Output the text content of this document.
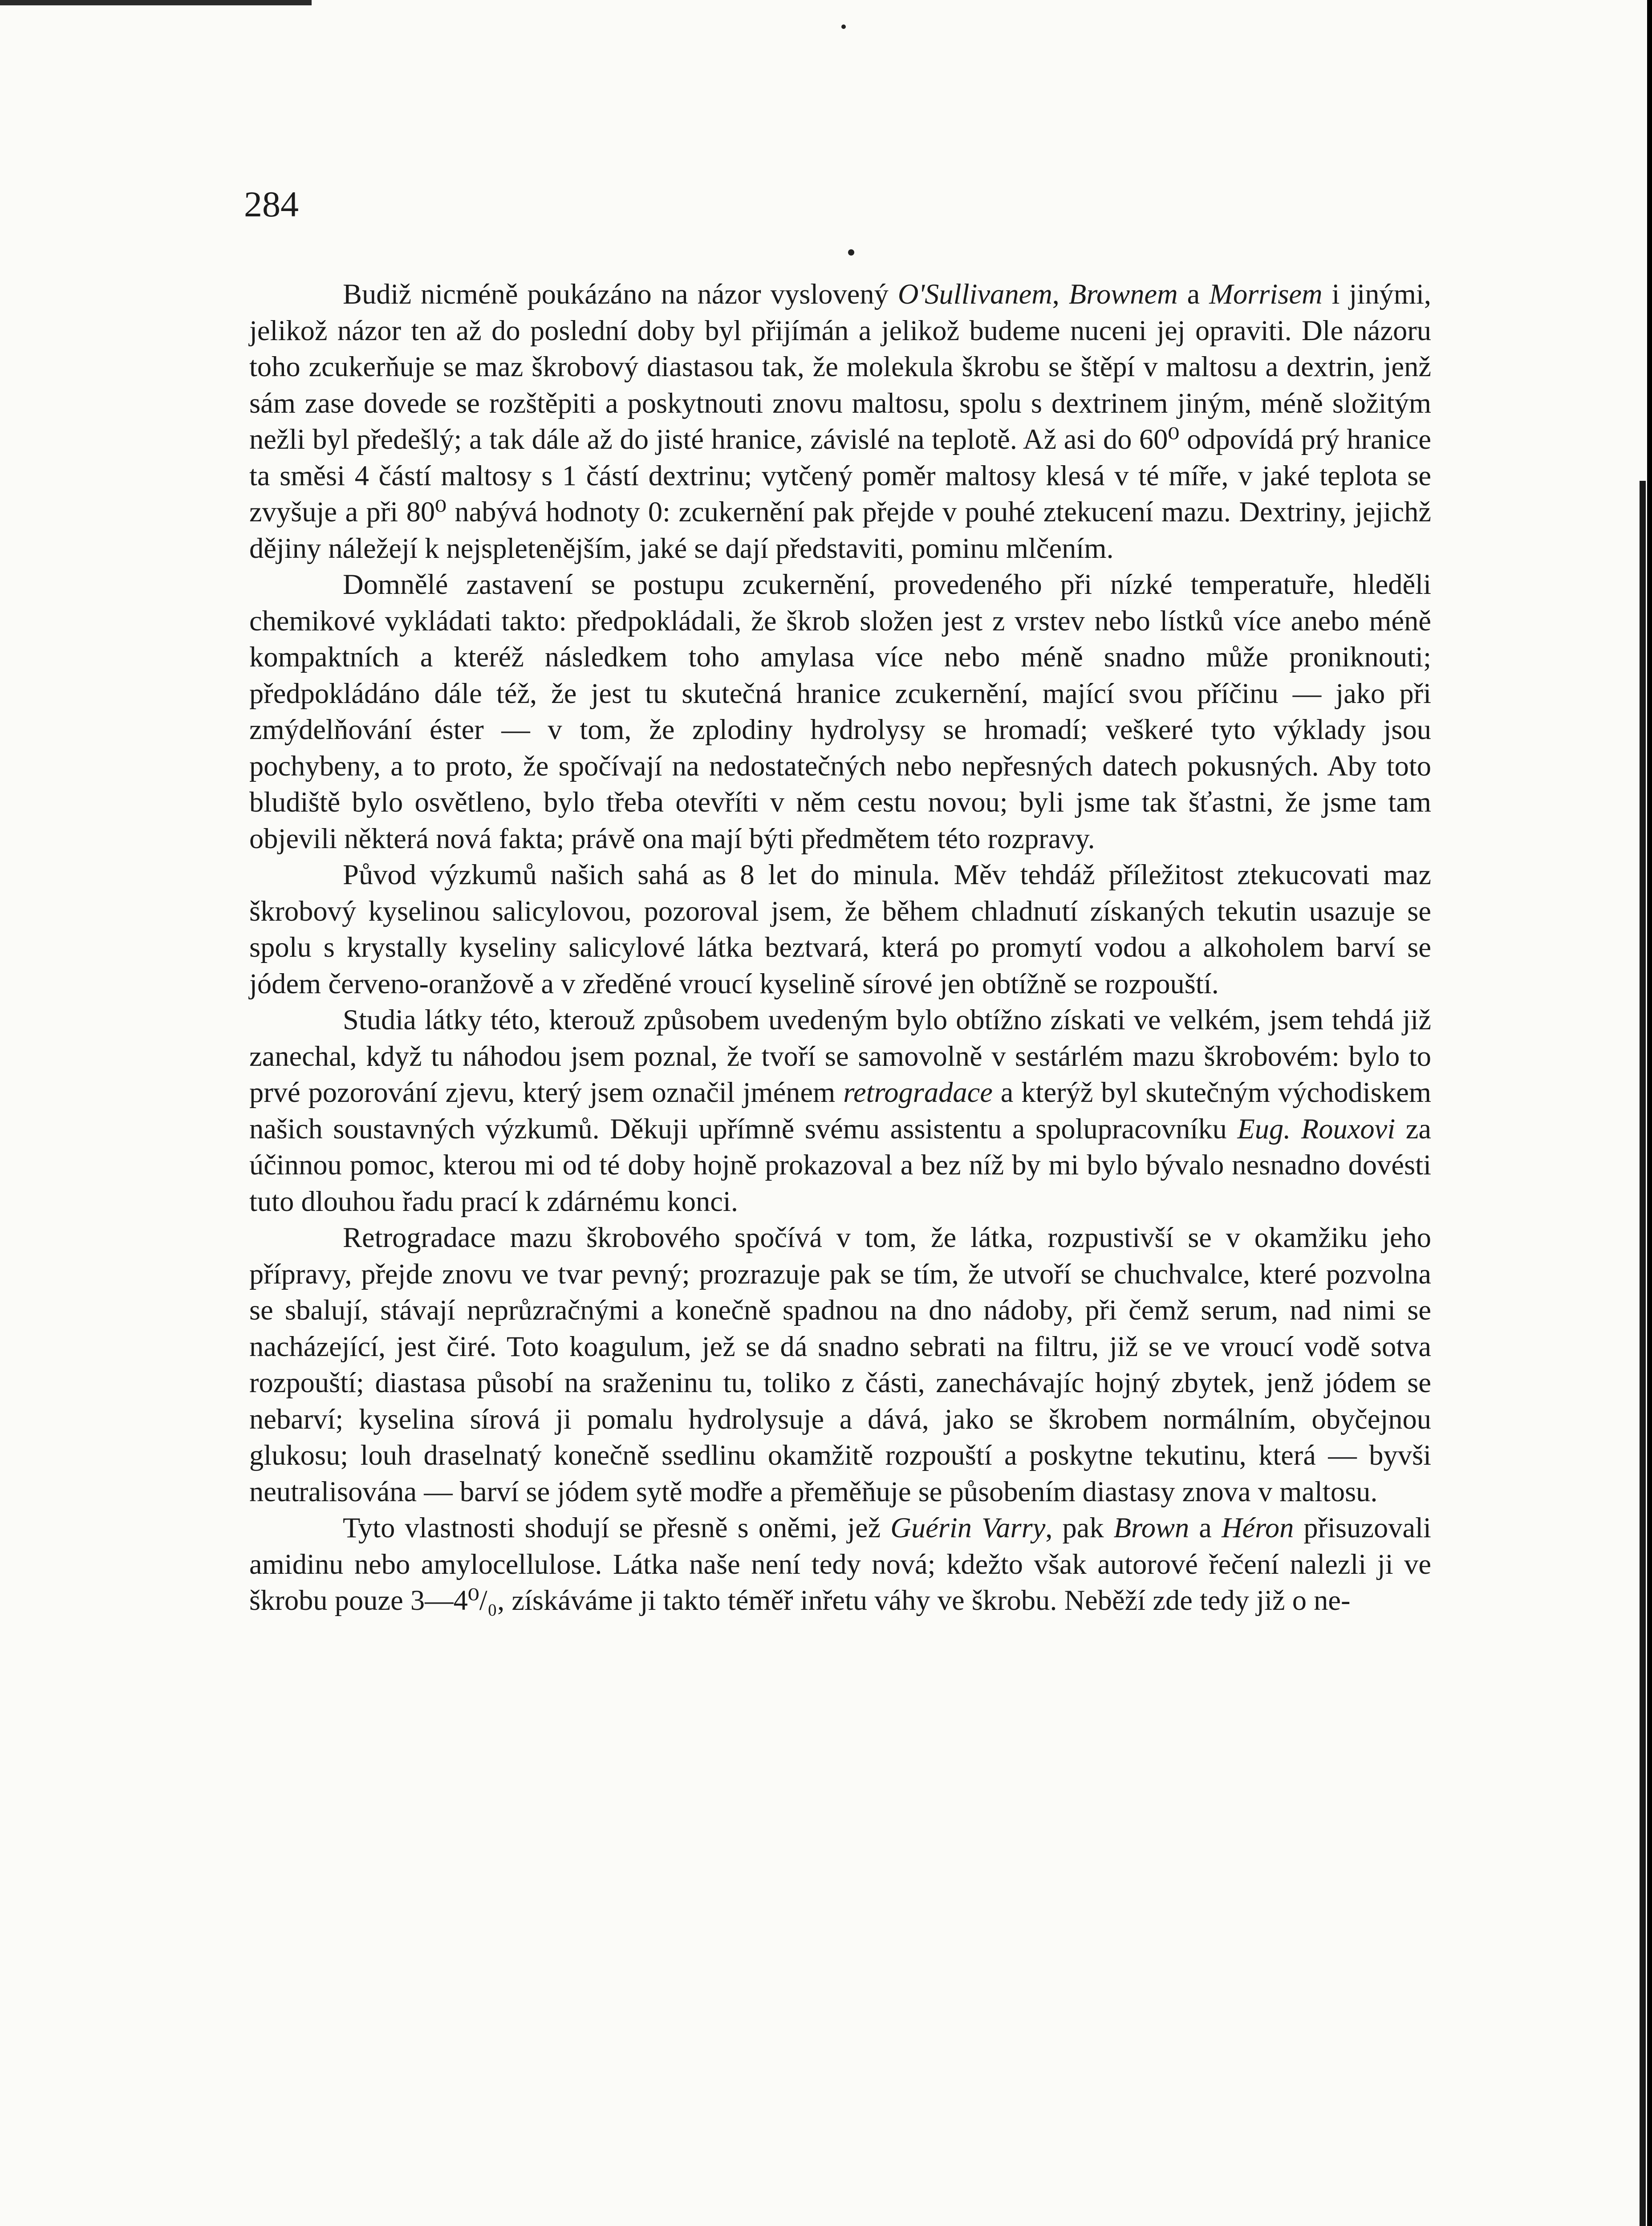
284

Budiž nicméně poukázáno na názor vyslovený O'Sullivanem, Brownem a Morrisem i jinými, jelikož názor ten až do poslední doby byl přijímán a jelikož budeme nuceni jej opraviti. Dle názoru toho zcukerňuje se maz škrobový diastasou tak, že molekula škrobu se štěpí v maltosu a dextrin, jenž sám zase dovede se rozštěpiti a poskytnouti znovu maltosu, spolu s dextrinem jiným, méně složitým nežli byl předešlý; a tak dále až do jisté hranice, závislé na teplotě. Až asi do 60⁰ odpovídá prý hranice ta směsi 4 částí maltosy s 1 částí dextrinu; vytčený poměr maltosy klesá v té míře, v jaké teplota se zvyšuje a při 80⁰ nabývá hodnoty 0: zcukernění pak přejde v pouhé ztekucení mazu. Dextriny, jejichž dějiny náležejí k nejspletenějším, jaké se dají představiti, pominu mlčením.

Domnělé zastavení se postupu zcukernění, provedeného při nízké temperatuře, hleděli chemikové vykládati takto: předpokládali, že škrob složen jest z vrstev nebo lístků více anebo méně kompaktních a kteréž následkem toho amylasa více nebo méně snadno může proniknouti; předpokládáno dále též, že jest tu skutečná hranice zcukernění, mající svou příčinu — jako při zmýdelňování éster — v tom, že zplodiny hydrolysy se hromadí; veškeré tyto výklady jsou pochybeny, a to proto, že spočívají na nedostatečných nebo nepřesných datech pokusných. Aby toto bludiště bylo osvětleno, bylo třeba otevříti v něm cestu novou; byli jsme tak šťastni, že jsme tam objevili některá nová fakta; právě ona mají býti předmětem této rozpravy.

Původ výzkumů našich sahá as 8 let do minula. Měv tehdáž příležitost ztekucovati maz škrobový kyselinou salicylovou, pozoroval jsem, že během chladnutí získaných tekutin usazuje se spolu s krystally kyseliny salicylové látka beztvará, která po promytí vodou a alkoholem barví se jódem červeno-oranžově a v zředěné vroucí kyselině sírové jen obtížně se rozpouští.

Studia látky této, kterouž způsobem uvedeným bylo obtížno získati ve velkém, jsem tehdá již zanechal, když tu náhodou jsem poznal, že tvoří se samovolně v sestárlém mazu škrobovém: bylo to prvé pozorování zjevu, který jsem označil jménem retrogradace a kterýž byl skutečným východiskem našich soustavných výzkumů. Děkuji upřímně svému assistentu a spolupracovníku Eug. Rouxovi za účinnou pomoc, kterou mi od té doby hojně prokazoval a bez níž by mi bylo bývalo nesnadno dovésti tuto dlouhou řadu prací k zdárnému konci.

Retrogradace mazu škrobového spočívá v tom, že látka, rozpustivší se v okamžiku jeho přípravy, přejde znovu ve tvar pevný; prozrazuje pak se tím, že utvoří se chuchvalce, které pozvolna se sbalují, stávají neprůzračnými a konečně spadnou na dno nádoby, při čemž serum, nad nimi se nacházející, jest čiré. Toto koagulum, jež se dá snadno sebrati na filtru, již se ve vroucí vodě sotva rozpouští; diastasa působí na sraženinu tu, toliko z části, zanechávajíc hojný zbytek, jenž jódem se nebarví; kyselina sírová ji pomalu hydrolysuje a dává, jako se škrobem normálním, obyčejnou glukosu; louh draselnatý konečně ssedlinu okamžitě rozpouští a poskytne tekutinu, která — byvši neutralisována — barví se jódem sytě modře a přeměňuje se působením diastasy znova v maltosu.

Tyto vlastnosti shodují se přesně s oněmi, jež Guérin Varry, pak Brown a Héron přisuzovali amidinu nebo amylocellulose. Látka naše není tedy nová; kdežto však autorové řečení nalezli ji ve škrobu pouze 3—4⁰/₀, získáváme ji takto téměř inřetu váhy ve škrobu. Neběží zde tedy již o ne-
